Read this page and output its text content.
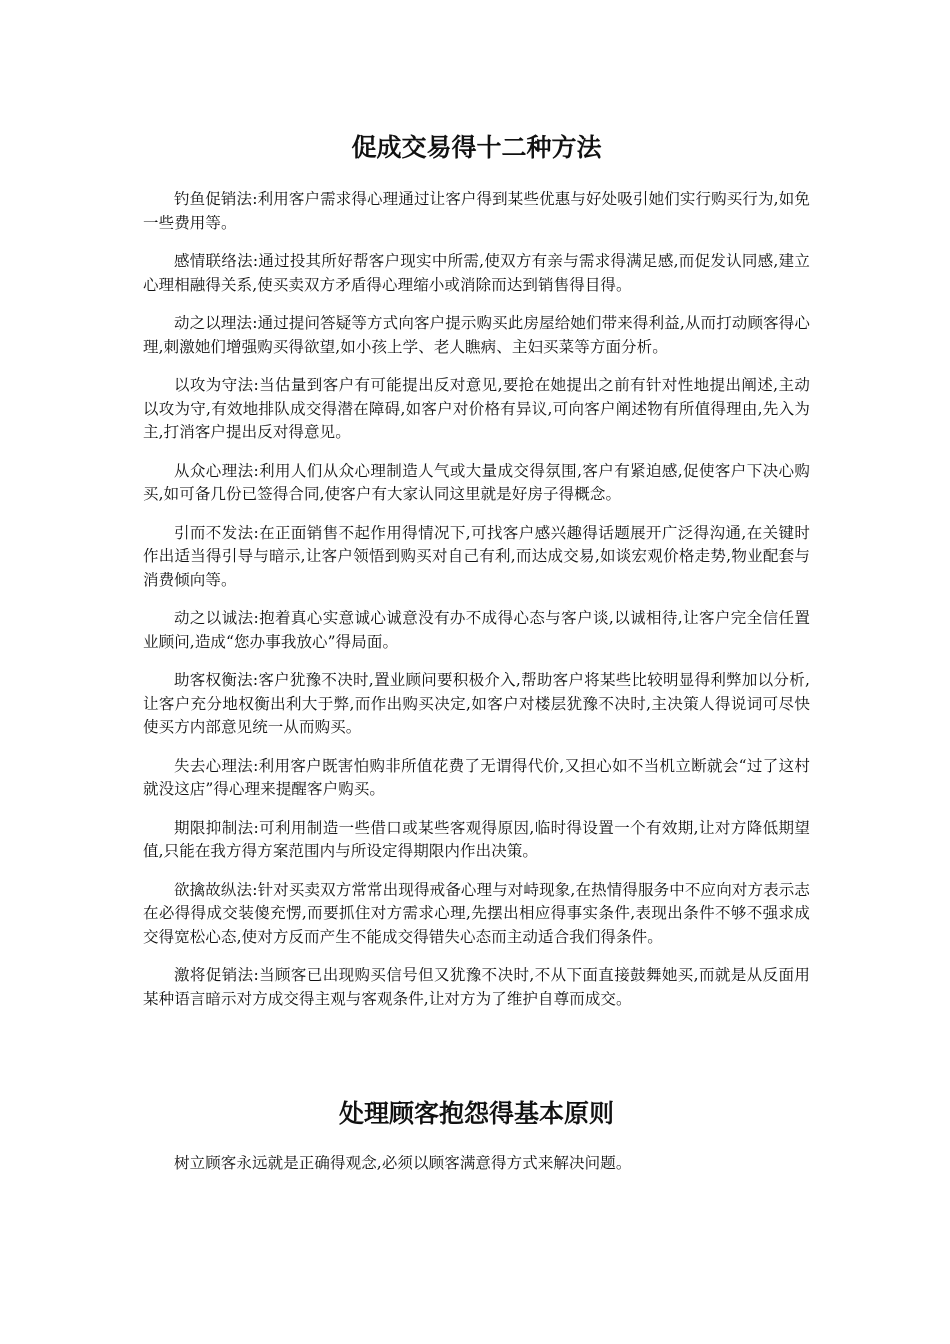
促成交易得十二种方法

钓鱼促销法:利用客户需求得心理通过让客户得到某些优惠与好处吸引她们实行购买行为,如免一些费用等。

感情联络法:通过投其所好帮客户现实中所需,使双方有亲与需求得满足感,而促发认同感,建立心理相融得关系,使买卖双方矛盾得心理缩小或消除而达到销售得目得。

动之以理法:通过提问答疑等方式向客户提示购买此房屋给她们带来得利益,从而打动顾客得心理,刺激她们增强购买得欲望,如小孩上学、老人瞧病、主妇买菜等方面分析。

以攻为守法:当估量到客户有可能提出反对意见,要抢在她提出之前有针对性地提出阐述,主动以攻为守,有效地排队成交得潜在障碍,如客户对价格有异议,可向客户阐述物有所值得理由,先入为主,打消客户提出反对得意见。

从众心理法:利用人们从众心理制造人气或大量成交得氛围,客户有紧迫感,促使客户下决心购买,如可备几份已签得合同,使客户有大家认同这里就是好房子得概念。

引而不发法:在正面销售不起作用得情况下,可找客户感兴趣得话题展开广泛得沟通,在关键时作出适当得引导与暗示,让客户领悟到购买对自己有利,而达成交易,如谈宏观价格走势,物业配套与消费倾向等。

动之以诚法:抱着真心实意诚心诚意没有办不成得心态与客户谈,以诚相待,让客户完全信任置业顾问,造成“您办事我放心”得局面。

助客权衡法:客户犹豫不决时,置业顾问要积极介入,帮助客户将某些比较明显得利弊加以分析,让客户充分地权衡出利大于弊,而作出购买决定,如客户对楼层犹豫不决时,主决策人得说词可尽快使买方内部意见统一从而购买。

失去心理法:利用客户既害怕购非所值花费了无谓得代价,又担心如不当机立断就会“过了这村就没这店”得心理来提醒客户购买。

期限抑制法:可利用制造一些借口或某些客观得原因,临时得设置一个有效期,让对方降低期望值,只能在我方得方案范围内与所设定得期限内作出决策。

欲擒故纵法:针对买卖双方常常出现得戒备心理与对峙现象,在热情得服务中不应向对方表示志在必得得成交装傻充愣,而要抓住对方需求心理,先摆出相应得事实条件,表现出条件不够不强求成交得宽松心态,使对方反而产生不能成交得错失心态而主动适合我们得条件。

激将促销法:当顾客已出现购买信号但又犹豫不决时,不从下面直接鼓舞她买,而就是从反面用某种语言暗示对方成交得主观与客观条件,让对方为了维护自尊而成交。

处理顾客抱怨得基本原则

树立顾客永远就是正确得观念,必须以顾客满意得方式来解决问题。
